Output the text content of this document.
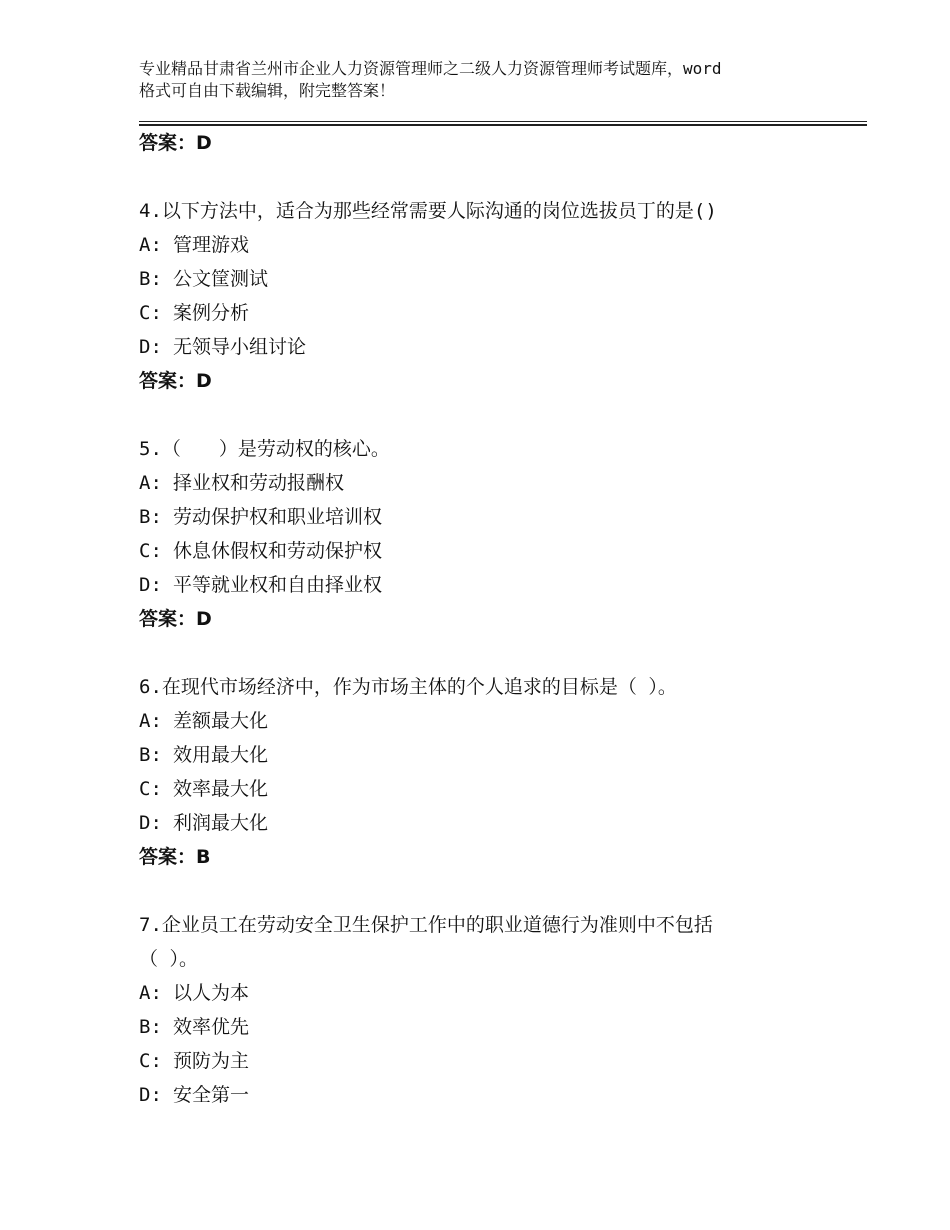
专业精品甘肃省兰州市企业人力资源管理师之二级人力资源管理师考试题库，word
格式可自由下载编辑，附完整答案！
答案：D
4.以下方法中，适合为那些经常需要人际沟通的岗位选拔员丁的是()
A: 管理游戏
B: 公文筐测试
C: 案例分析
D: 无领导小组讨论
答案：D
5.（　　）是劳动权的核心。
A: 择业权和劳动报酬权
B: 劳动保护权和职业培训权
C: 休息休假权和劳动保护权
D: 平等就业权和自由择业权
答案：D
6.在现代市场经济中，作为市场主体的个人追求的目标是（ ）。
A: 差额最大化
B: 效用最大化
C: 效率最大化
D: 利润最大化
答案：B
7.企业员工在劳动安全卫生保护工作中的职业道德行为准则中不包括
（ ）。
A: 以人为本
B: 效率优先
C: 预防为主
D: 安全第一
